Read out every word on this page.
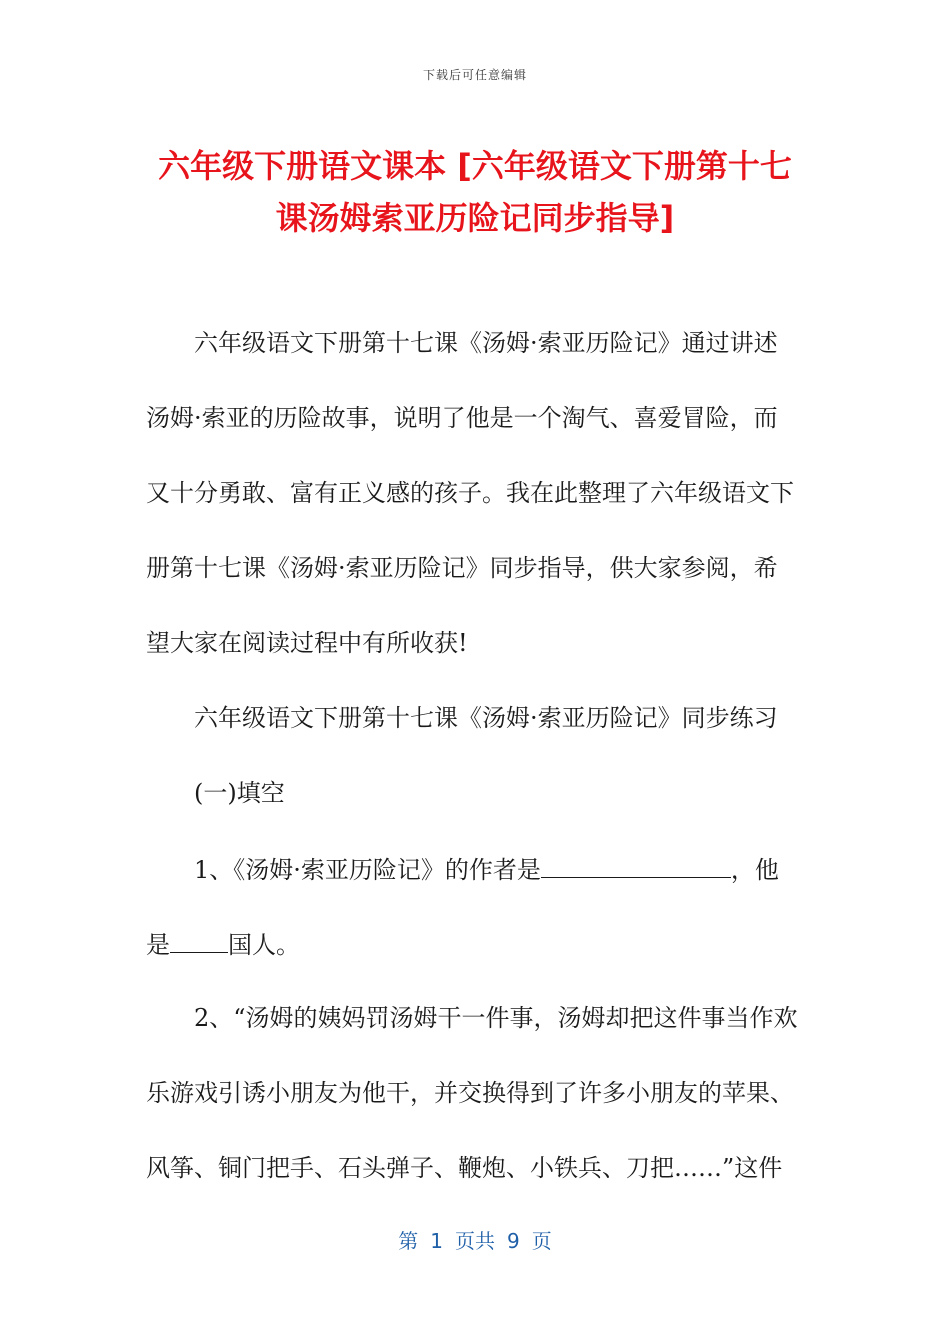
下载后可任意编辑
六年级下册语文课本 [六年级语文下册第十七
课汤姆索亚历险记同步指导]
六年级语文下册第十七课《汤姆·索亚历险记》通过讲述
汤姆·索亚的历险故事，说明了他是一个淘气、喜爱冒险，而
又十分勇敢、富有正义感的孩子。我在此整理了六年级语文下
册第十七课《汤姆·索亚历险记》同步指导，供大家参阅，希
望大家在阅读过程中有所收获!
六年级语文下册第十七课《汤姆·索亚历险记》同步练习
(一)填空
1、《汤姆·索亚历险记》的作者是	，他
是 国人。
2、“汤姆的姨妈罚汤姆干一件事，汤姆却把这件事当作欢
乐游戏引诱小朋友为他干，并交换得到了许多小朋友的苹果、
风筝、铜门把手、石头弹子、鞭炮、小铁兵、刀把……”这件
第 1 页共 9 页
